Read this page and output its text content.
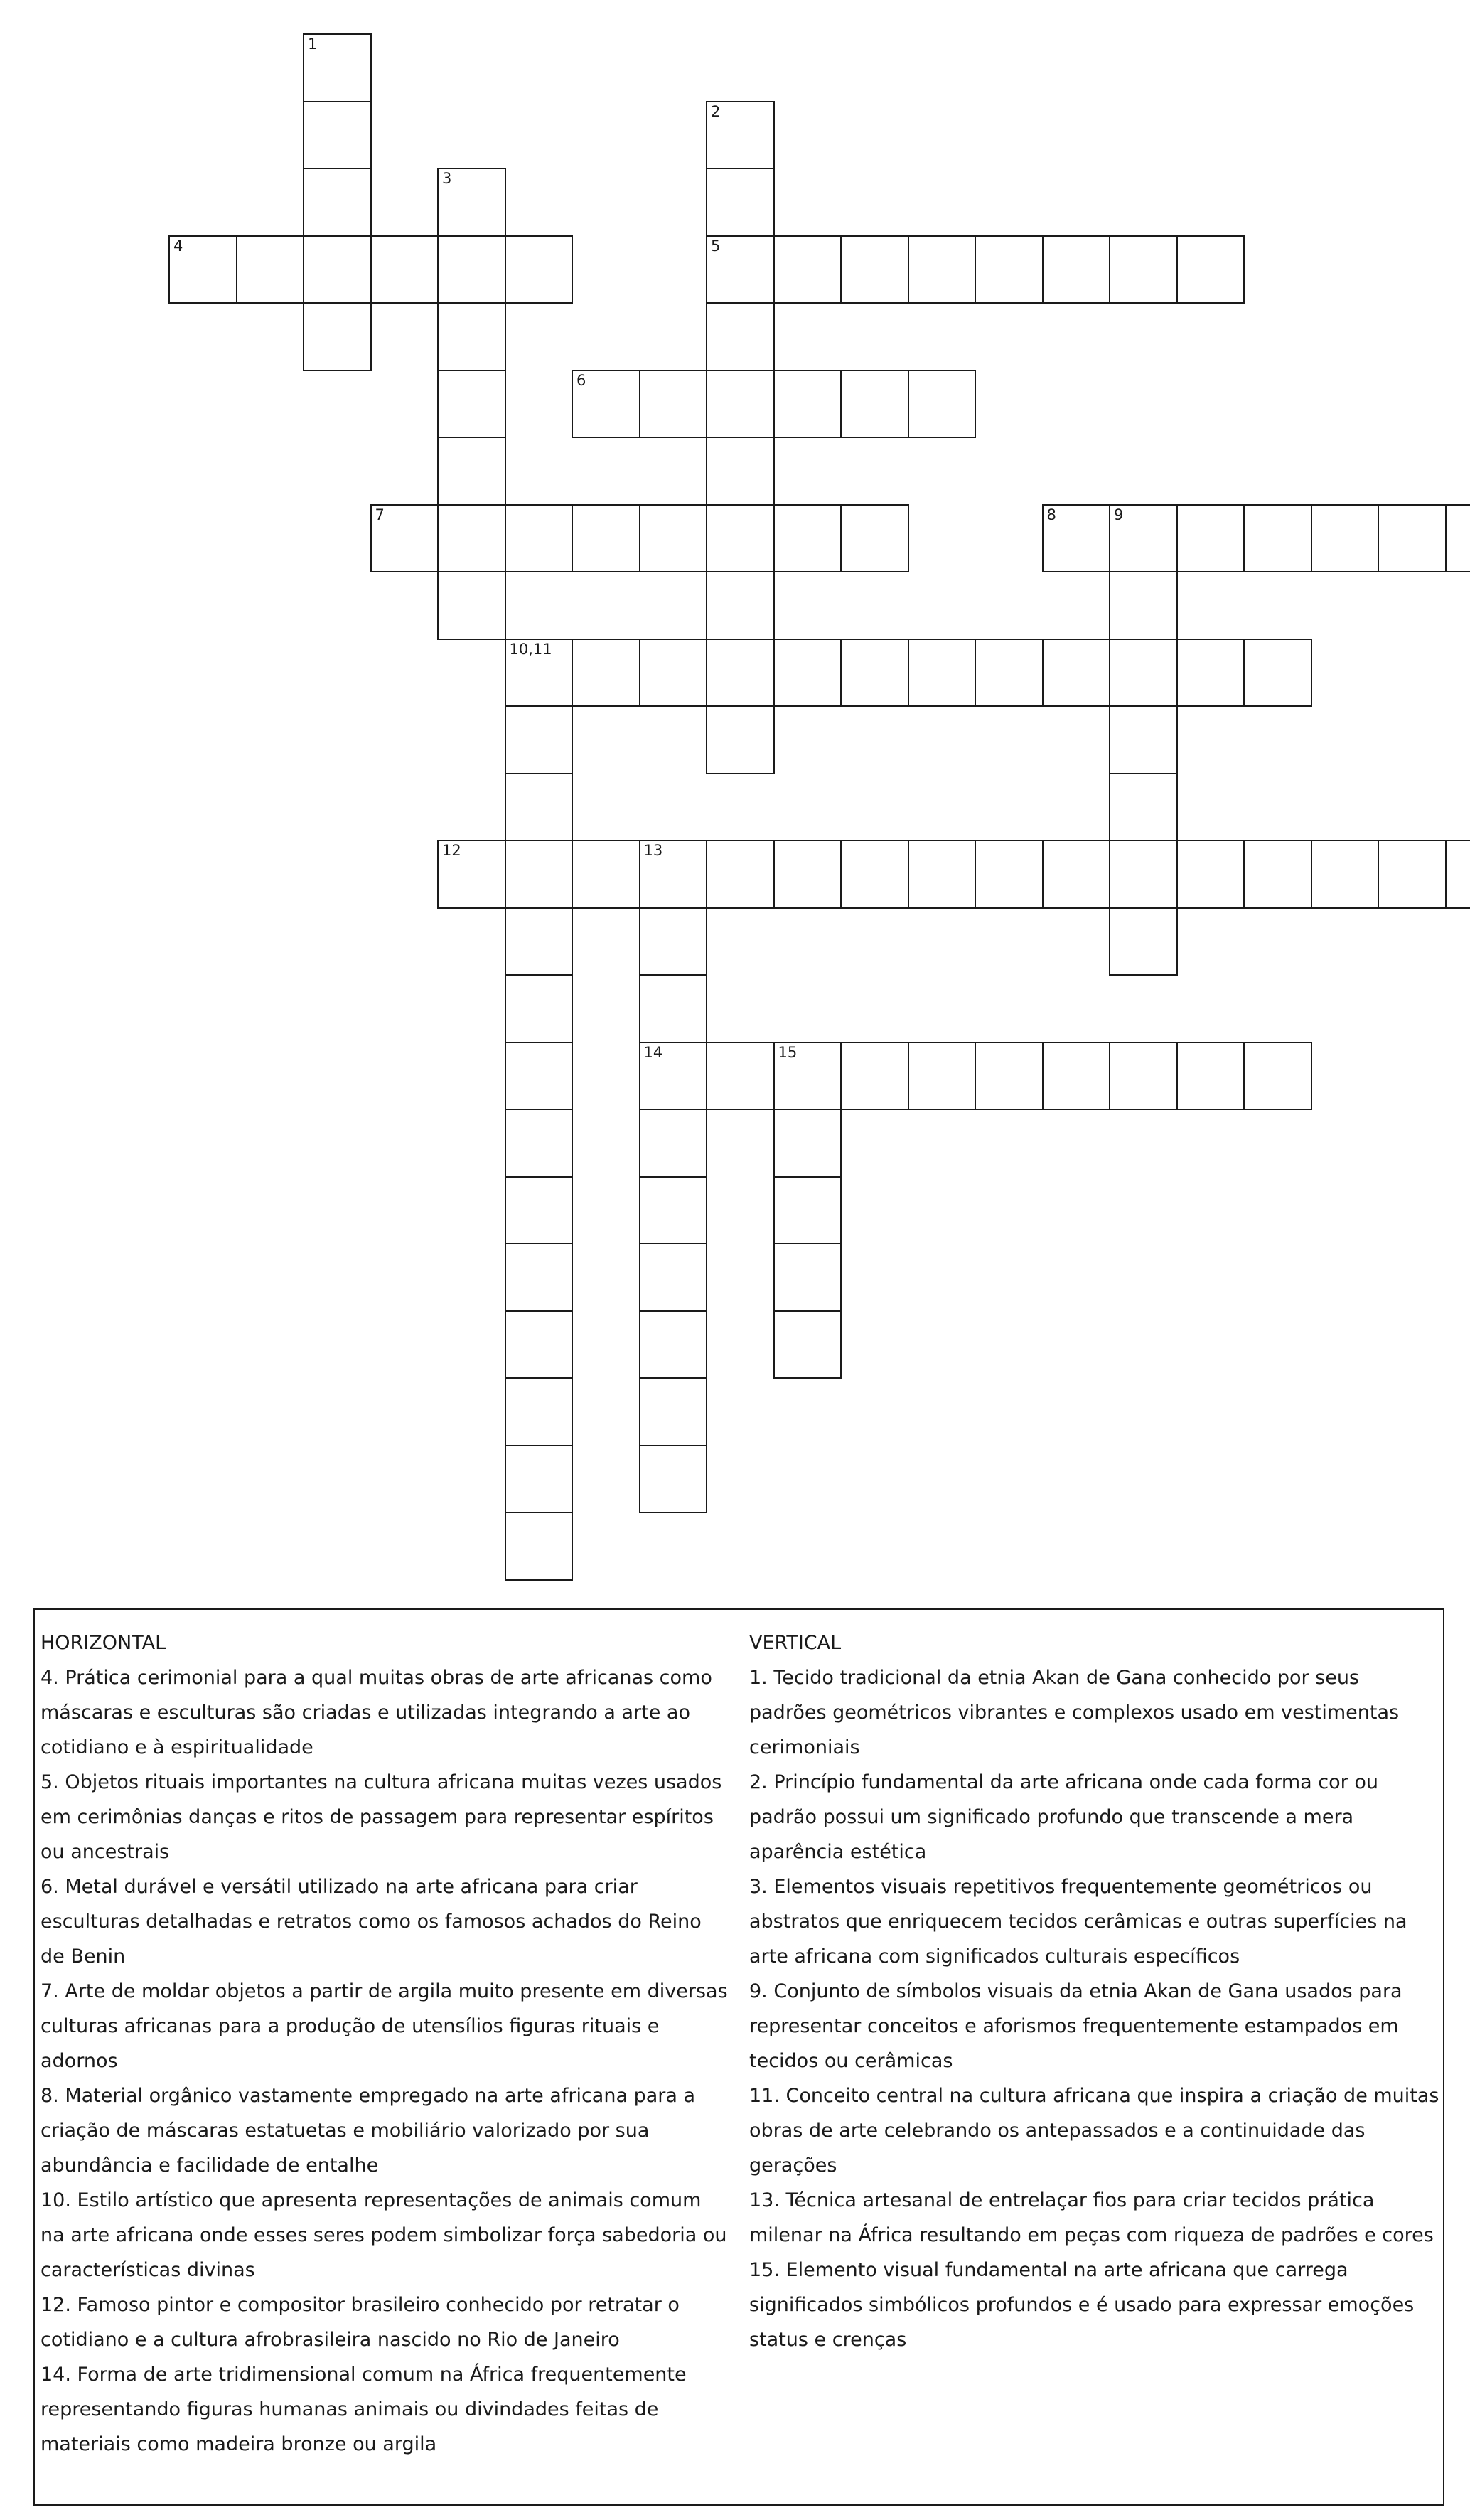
1
2
5
3
4
6
7	8	9
10,11
12	13
14	15

HORIZONTAL

4. Prática cerimonial para a qual muitas obras de arte africanas como máscaras e esculturas são criadas e utilizadas integrando a arte ao cotidiano e à espiritualidade

5. Objetos rituais importantes na cultura africana muitas vezes usados em cerimônias danças e ritos de passagem para representar espíritos ou ancestrais

6. Metal durável e versátil utilizado na arte africana para criar esculturas detalhadas e retratos como os famosos achados do Reino de Benin

7. Arte de moldar objetos a partir de argila muito presente em diversas culturas africanas para a produção de utensílios figuras rituais e adornos

8. Material orgânico vastamente empregado na arte africana para a criação de máscaras estatuetas e mobiliário valorizado por sua abundância e facilidade de entalhe

10. Estilo artístico que apresenta representações de animais comum na arte africana onde esses seres podem simbolizar força sabedoria ou características divinas

12. Famoso pintor e compositor brasileiro conhecido por retratar o cotidiano e a cultura afrobrasileira nascido no Rio de Janeiro

14. Forma de arte tridimensional comum na África frequentemente representando figuras humanas animais ou divindades feitas de materiais como madeira bronze ou argila

VERTICAL

1. Tecido tradicional da etnia Akan de Gana conhecido por seus padrões geométricos vibrantes e complexos usado em vestimentas cerimoniais

2. Princípio fundamental da arte africana onde cada forma cor ou padrão possui um significado profundo que transcende a mera aparência estética

3. Elementos visuais repetitivos frequentemente geométricos ou abstratos que enriquecem tecidos cerâmicas e outras superfícies na arte africana com significados culturais específicos

9. Conjunto de símbolos visuais da etnia Akan de Gana usados para representar conceitos e aforismos frequentemente estampados em tecidos ou cerâmicas

11. Conceito central na cultura africana que inspira a criação de muitas obras de arte celebrando os antepassados e a continuidade das gerações

13. Técnica artesanal de entrelaçar fios para criar tecidos prática milenar na África resultando em peças com riqueza de padrões e cores

15. Elemento visual fundamental na arte africana que carrega significados simbólicos profundos e é usado para expressar emoções status e crenças
